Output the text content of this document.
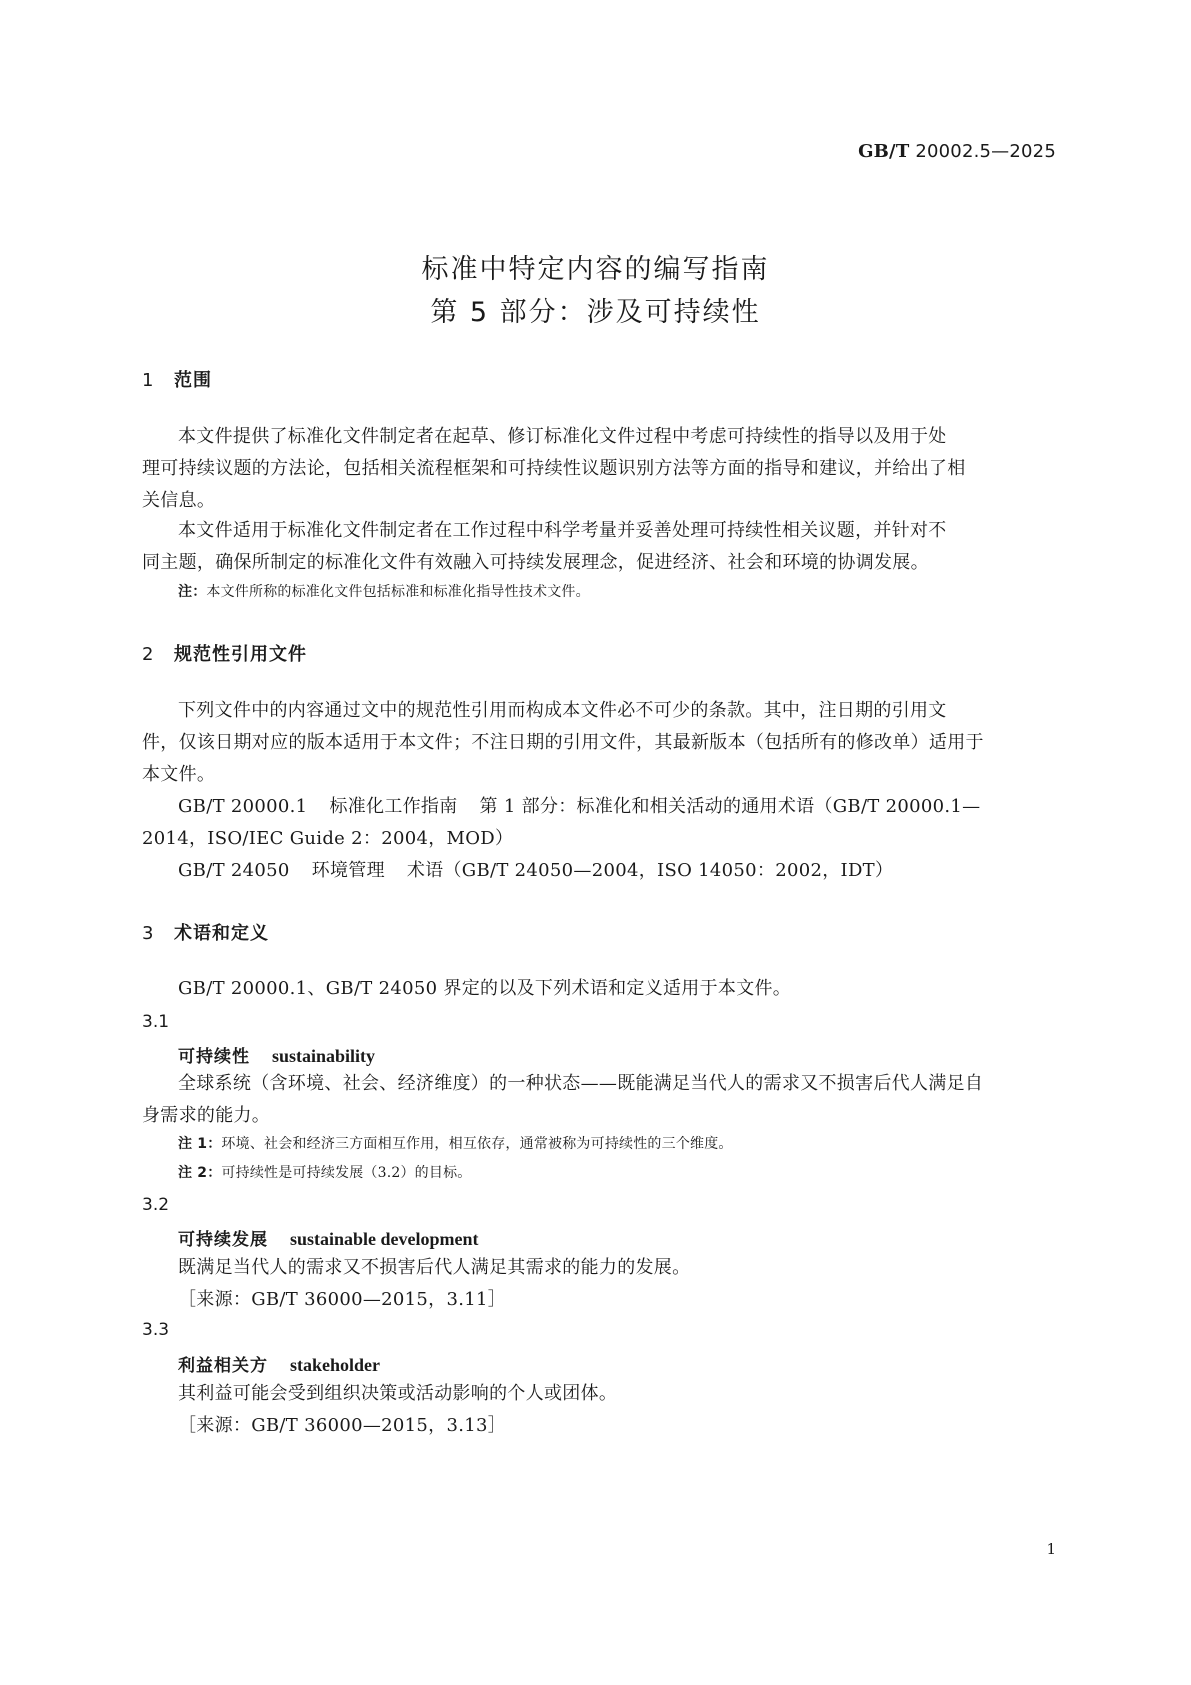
GB/T 20002.5—2025
标准中特定内容的编写指南
第 5 部分：涉及可持续性
1 范围
本文件提供了标准化文件制定者在起草、修订标准化文件过程中考虑可持续性的指导以及用于处
理可持续议题的方法论，包括相关流程框架和可持续性议题识别方法等方面的指导和建议，并给出了相
关信息。
本文件适用于标准化文件制定者在工作过程中科学考量并妥善处理可持续性相关议题，并针对不
同主题，确保所制定的标准化文件有效融入可持续发展理念，促进经济、社会和环境的协调发展。
注：本文件所称的标准化文件包括标准和标准化指导性技术文件。
2 规范性引用文件
下列文件中的内容通过文中的规范性引用而构成本文件必不可少的条款。其中，注日期的引用文
件，仅该日期对应的版本适用于本文件；不注日期的引用文件，其最新版本（包括所有的修改单）适用于
本文件。
GB/T 20000.1 标准化工作指南 第 1 部分：标准化和相关活动的通用术语（GB/T 20000.1—
2014，ISO/IEC Guide 2：2004，MOD）
GB/T 24050 环境管理 术语（GB/T 24050—2004，ISO 14050：2002，IDT）
3 术语和定义
GB/T 20000.1、GB/T 24050 界定的以及下列术语和定义适用于本文件。
3.1
可持续性 sustainability
全球系统（含环境、社会、经济维度）的一种状态——既能满足当代人的需求又不损害后代人满足自
身需求的能力。
注 1：环境、社会和经济三方面相互作用，相互依存，通常被称为可持续性的三个维度。
注 2：可持续性是可持续发展（3.2）的目标。
3.2
可持续发展 sustainable development
既满足当代人的需求又不损害后代人满足其需求的能力的发展。
［来源：GB/T 36000—2015，3.11］
3.3
利益相关方 stakeholder
其利益可能会受到组织决策或活动影响的个人或团体。
［来源：GB/T 36000—2015，3.13］
1
